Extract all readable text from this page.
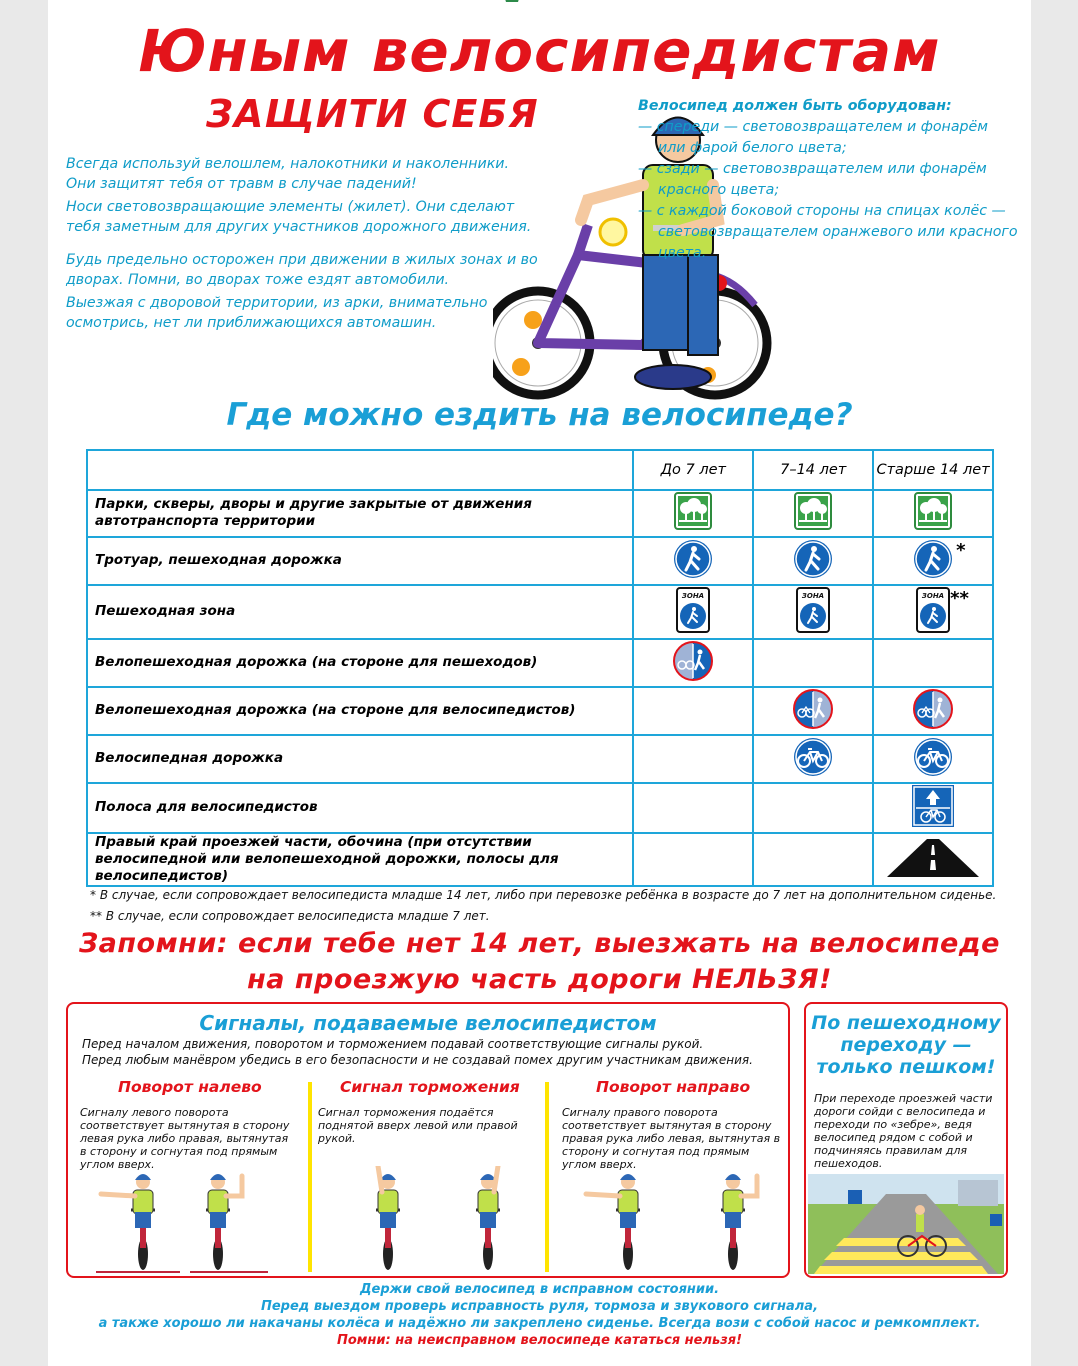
Юным велосипедистам
ЗАЩИТИ СЕБЯ

Всегда используй велошлем, налокотники и наколенники. Они защитят тебя от травм в случае падений!

Носи световозвращающие элементы (жилет). Они сделают тебя заметным для других участников дорожного движения.

Будь предельно осторожен при движении в жилых зонах и во дворах. Помни, во дворах тоже ездят автомобили.

Выезжая с дворовой территории, из арки, внимательно осмотрись, нет ли приближающихся автомашин.

Велосипед должен быть оборудован:
— спереди — световозвращателем и фонарём или фарой белого цвета;
— сзади — световозвращателем или фонарём красного цвета;
— с каждой боковой стороны на спицах колёс — световозвращателем оранжевого или красного цвета.
Где можно ездить на велосипеде?
	До 7 лет	7–14 лет	Старше 14 лет
Парки, скверы, дворы и другие закрытые от движения автотранспорта территории			
Тротуар, пешеходная дорожка			*

Пешеходная зона	ЗОНА	ЗОНА	ЗОНА **

Велопешеходная дорожка (на стороне для пешеходов)			
Велопешеходная дорожка (на стороне для велосипедистов)			
Велосипедная дорожка			
Полоса для велосипедистов			
Правый край проезжей части, обочина (при отсутствии велосипедной или велопешеходной дорожки, полосы для велосипедистов)			
* В случае, если сопровождает велосипедиста младше 14 лет, либо при перевозке ребёнка в возрасте до 7 лет на дополнительном сиденье.
** В случае, если сопровождает велосипедиста младше 7 лет.
Запомни: если тебе нет 14 лет, выезжать на велосипеде
на проезжую часть дороги НЕЛЬЗЯ!
Сигналы, подаваемые велосипедистом
Перед началом движения, поворотом и торможением подавай соответствующие сигналы рукой.
Перед любым манёвром убедись в его безопасности и не создавай помех другим участникам движения.
Поворот налево
Сигналу левого поворота соответствует вытянутая в сторону левая рука либо правая, вытянутая в сторону и согнутая под прямым углом вверх.
Сигнал торможения
Сигнал торможения подаётся поднятой вверх левой или правой рукой.
Поворот направо
Сигналу правого поворота соответствует вытянутая в сторону правая рука либо левая, вытянутая в сторону и согнутая под прямым углом вверх.
По пешеходному переходу — только пешком!
При переходе проезжей части дороги сойди с велосипеда и переходи по «зебре», ведя велосипед рядом с собой и подчиняясь правилам для пешеходов.
Держи свой велосипед в исправном состоянии.
Перед выездом проверь исправность руля, тормоза и звукового сигнала,
а также хорошо ли накачаны колёса и надёжно ли закреплено сиденье. Всегда вози с собой насос и ремкомплект.
Помни: на неисправном велосипеде кататься нельзя!
